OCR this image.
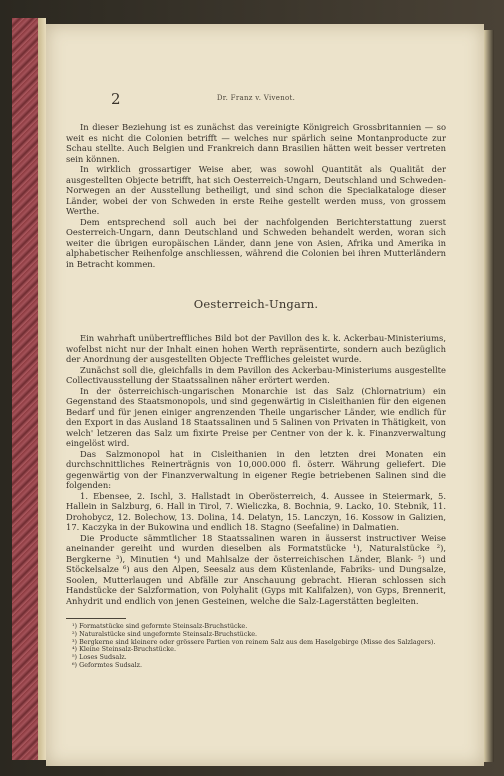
2	Dr. Franz v. Vivenot.

In dieser Beziehung ist es zunächst das vereinigte Königreich Grossbritannien — so weit es nicht die Colonien betrifft — welches nur spärlich seine Montanproducte zur Schau stellte. Auch Belgien und Frankreich dann Brasilien hätten weit besser vertreten sein können.

In wirklich grossartiger Weise aber, was sowohl Quantität als Qualität der ausgestellten Objecte betrifft, hat sich Oesterreich-Ungarn, Deutschland und Schweden-Norwegen an der Ausstellung betheiligt, und sind schon die Specialkataloge dieser Länder, wobei der von Schweden in erste Reihe gestellt werden muss, von grossem Werthe.

Dem entsprechend soll auch bei der nachfolgenden Berichterstattung zuerst Oesterreich-Ungarn, dann Deutschland und Schweden behandelt werden, woran sich weiter die übrigen europäischen Länder, dann jene von Asien, Afrika und Amerika in alphabetischer Reihenfolge anschliessen, während die Colonien bei ihren Mutterländern in Betracht kommen.

Oesterreich-Ungarn.

Ein wahrhaft unübertreffliches Bild bot der Pavillon des k. k. Ackerbau-Ministeriums, wofelbst nicht nur der Inhalt einen hohen Werth repräsentirte, sondern auch bezüglich der Anordnung der ausgestellten Objecte Treffliches geleistet wurde.

Zunächst soll die, gleichfalls in dem Pavillon des Ackerbau-Ministeriums ausgestellte Collectivausstellung der Staatssalinen näher erörtert werden.

In der österreichisch-ungarischen Monarchie ist das Salz (Chlornatrium) ein Gegenstand des Staatsmonopols, und sind gegenwärtig in Cisleithanien für den eigenen Bedarf und für jenen einiger angrenzenden Theile ungarischer Länder, wie endlich für den Export in das Ausland 18 Staatssalinen und 5 Salinen von Privaten in Thätigkeit, von welch' letzeren das Salz um fixirte Preise per Centner von der k. k. Finanzverwaltung eingelöst wird.

Das Salzmonopol hat in Cisleithanien in den letzten drei Monaten ein durchschnittliches Reinerträgnis von 10,000.000 fl. österr. Währung geliefert. Die gegenwärtig von der Finanzverwaltung in eigener Regie betriebenen Salinen sind die folgenden:

1. Ebensee, 2. Ischl, 3. Hallstadt in Oberösterreich, 4. Aussee in Steiermark, 5. Hallein in Salzburg, 6. Hall in Tirol, 7. Wieliczka, 8. Bochnia, 9. Lacko, 10. Stebnik, 11. Drohobycz, 12. Bolechow, 13. Dolina, 14. Delatyn, 15. Lanczyn, 16. Kossow in Galizien, 17. Kaczyka in der Bukowina und endlich 18. Stagno (Seefaline) in Dalmatien.

Die Producte sämmtlicher 18 Staatssalinen waren in äusserst instructiver Weise aneinander gereiht und wurden dieselben als Formatstücke ¹), Naturalstücke ²), Bergkerne ³), Minutien ⁴) und Mahlsalze der österreichischen Länder, Blank- ⁵) und Stöckelsalze ⁶) aus den Alpen, Seesalz aus dem Küstenlande, Fabriks- und Dungsalze, Soolen, Mutterlaugen und Abfälle zur Anschauung gebracht. Hieran schlossen sich Handstücke der Salzformation, von Polyhalit (Gyps mit Kalifalzen), von Gyps, Brennerit, Anhydrit und endlich von jenen Gesteinen, welche die Salz-Lagerstätten begleiten.

¹) Formatstücke sind geformte Steinsalz-Bruchstücke.

²) Naturalstücke sind ungeformte Steinsalz-Bruchstücke.

³) Bergkerne sind kleinere oder grössere Partien von reinem Salz aus dem Haselgebirge (Misse des Salzlagers).

⁴) Kleine Steinsalz-Bruchstücke.

⁵) Loses Sudsalz.

⁶) Geformtes Sudsalz.
